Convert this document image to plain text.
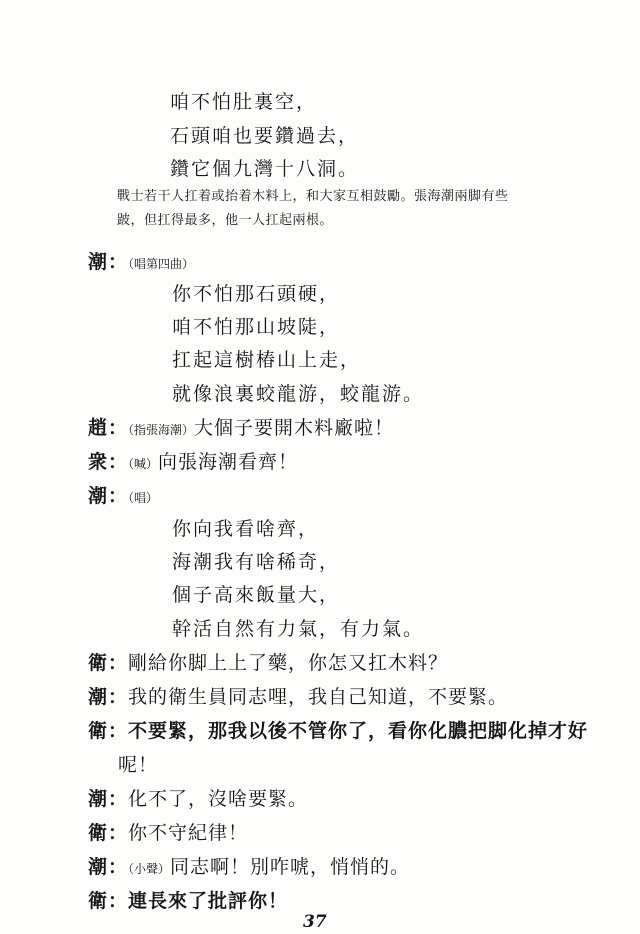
咱不怕肚裏空，
石頭咱也要鑽過去，
鑽它個九灣十八洞。
戰士若干人扛着或抬着木料上，和大家互相鼓勵。張海潮兩脚有些
跛，但扛得最多，他一人扛起兩根。
潮：（唱第四曲）
你不怕那石頭硬，
咱不怕那山坡陡，
扛起這樹椿山上走，
就像浪裏蛟龍游，蛟龍游。
趙：（指張海潮）大個子要開木料廠啦！
衆：（喊）向張海潮看齊！
潮：（唱）
你向我看啥齊，
海潮我有啥稀奇，
個子高來飯量大，
幹活自然有力氣，有力氣。
衛：剛給你脚上上了藥，你怎又扛木料？
潮：我的衛生員同志哩，我自己知道，不要緊。
衛：不要緊，那我以後不管你了，看你化膿把脚化掉才好
呢！
潮：化不了，沒啥要緊。
衛：你不守紀律！
潮：（小聲）同志啊！別咋唬，悄悄的。
衛：連長來了批評你！
37
